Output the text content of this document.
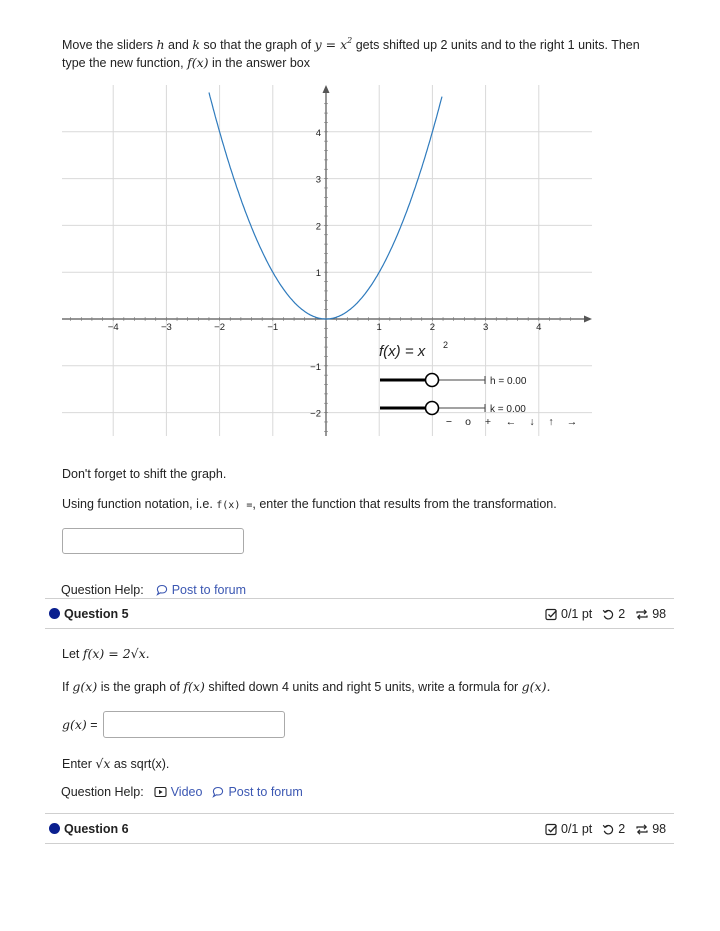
Move the sliders h and k so that the graph of $y = x^2$ gets shifted up 2 units and to the right 1 units. Then
type the new function, f(x) in the answer box
−4	−3	−2	−1	1	2	3	4
4
3
2
1
−1
−2
f(x) = x 2
h = 0.00
k = 0.00
− o + ← ↓ ↑ →
Don't forget to shift the graph.
Using function notation, i.e. f(x) =, enter the function that results from the transformation.
Question Help: Post to forum
Question 5	0/1 pt 2 98
Let f(x) = 2√x.
If g(x) is the graph of f(x) shifted down 4 units and right 5 units, write a formula for g(x).
g(x) =
Enter √x as sqrt(x).
Question Help: Video Post to forum
Question 6	0/1 pt 2 98
